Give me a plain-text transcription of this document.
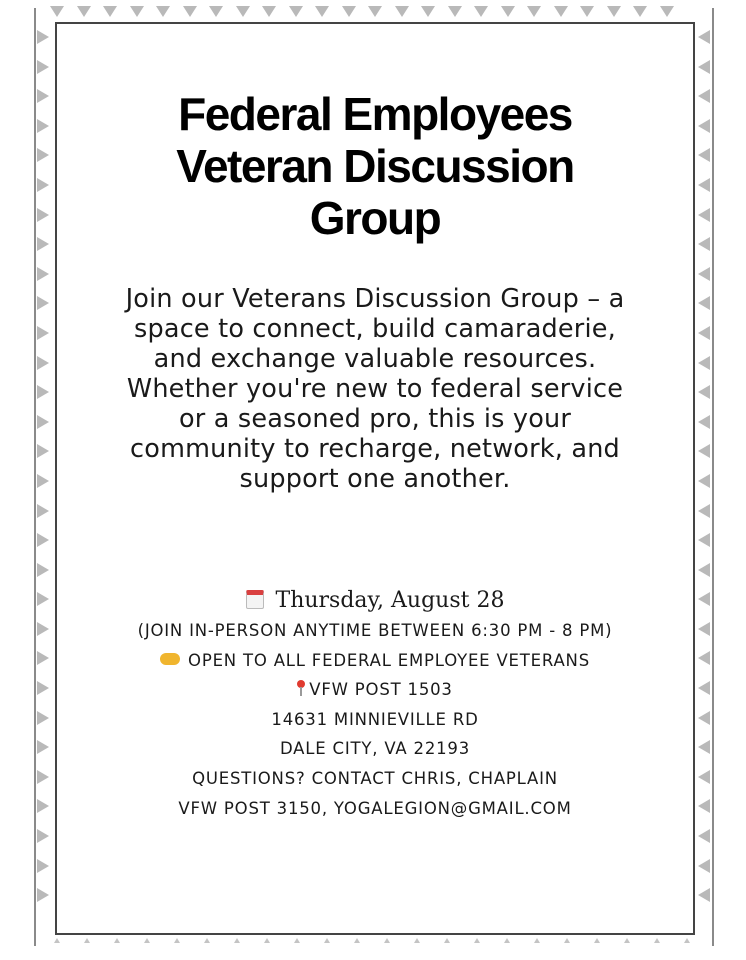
Federal Employees
Veteran Discussion
Group
Join our Veterans Discussion Group – a
space to connect, build camaraderie,
and exchange valuable resources.
Whether you're new to federal service
or a seasoned pro, this is your
community to recharge, network, and
support one another.
Thursday, August 28
(JOIN IN-PERSON ANYTIME BETWEEN 6:30 PM - 8 PM)
OPEN TO ALL FEDERAL EMPLOYEE VETERANS
VFW POST 1503
14631 MINNIEVILLE RD
DALE CITY, VA 22193
QUESTIONS? CONTACT CHRIS, CHAPLAIN
VFW POST 3150, YOGALEGION@GMAIL.COM
